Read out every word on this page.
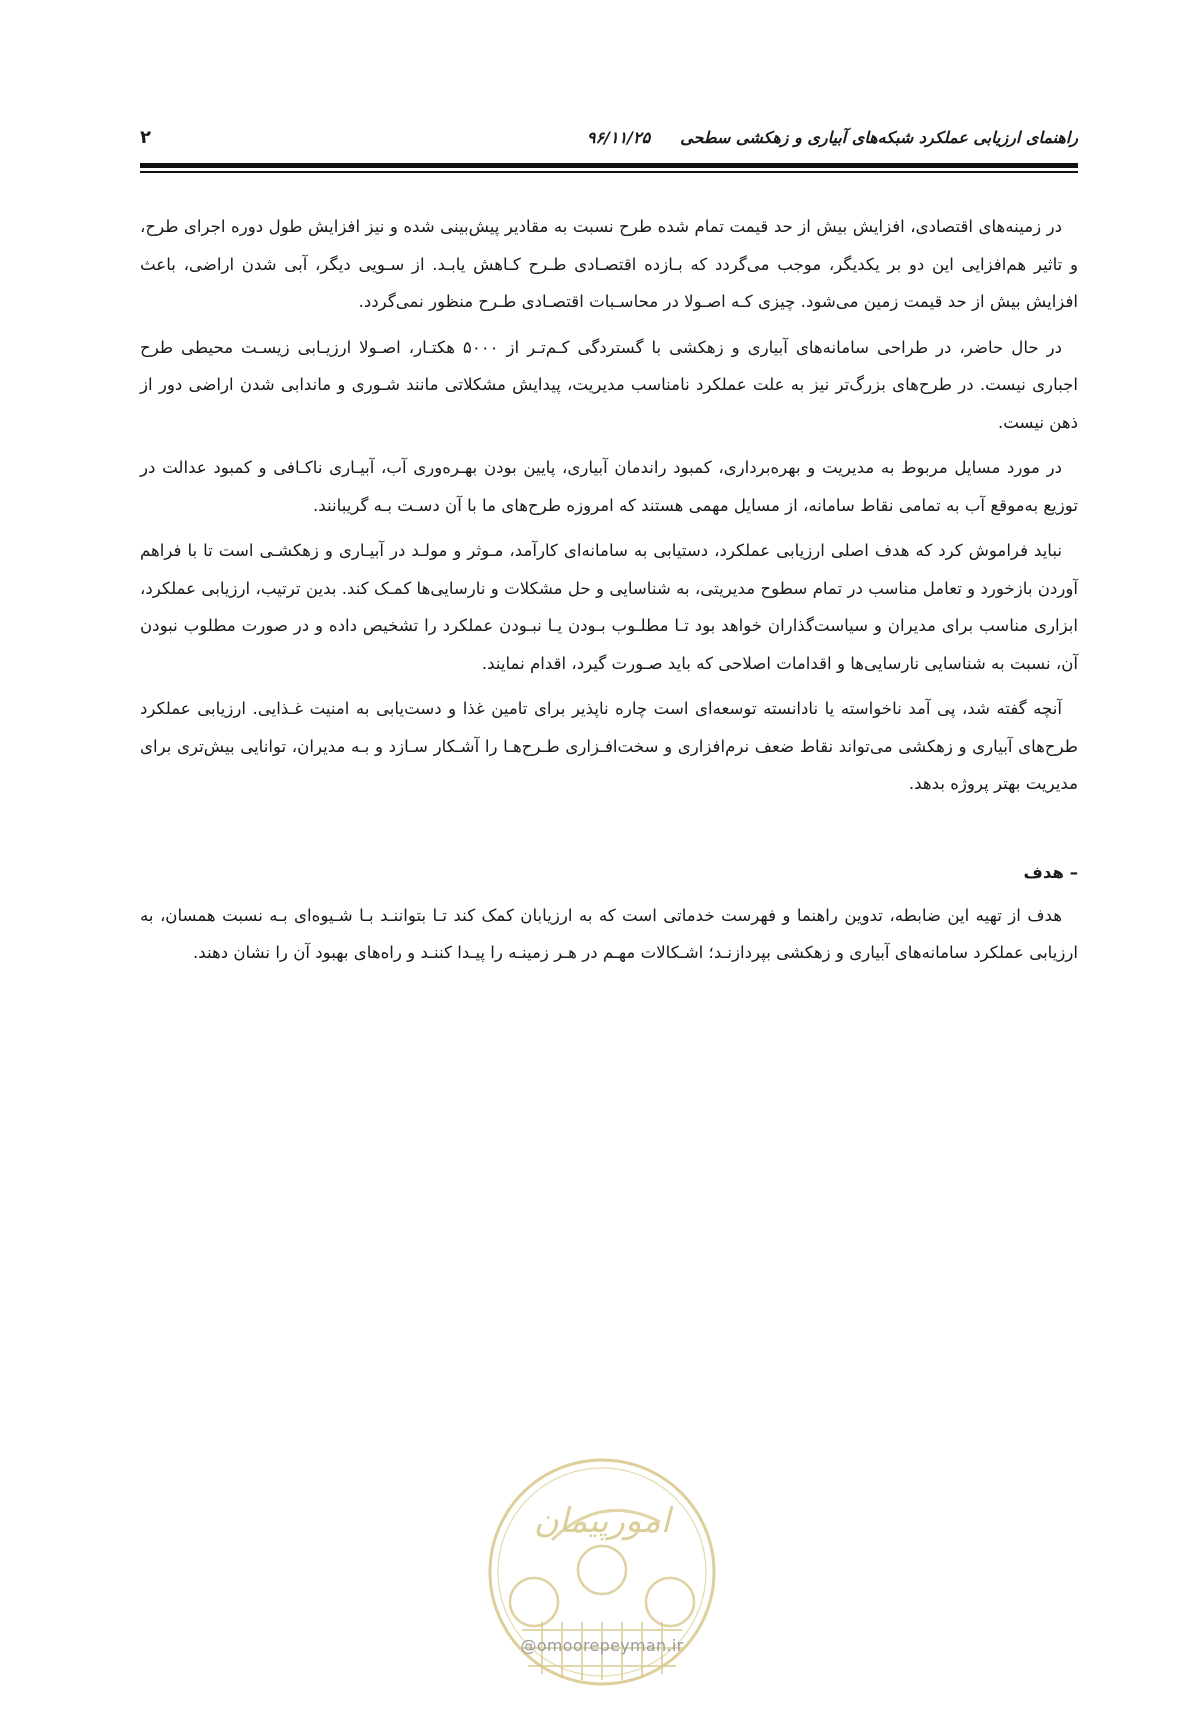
۲	راهنمای ارزیابی عملکرد شبکه‌های آبیاری و زهکشی سطحی
۹۶/۱۱/۲۵

در زمینه‌های اقتصادی، افزایش بیش از حد قیمت تمام شده طرح نسبت به مقادیر پیش‌بینی شده و نیز افزایش طول دوره اجرای طرح، و تاثیر هم‌افزایی این دو بر یکدیگر، موجب می‌گردد که بـازده اقتصـادی طـرح کـاهش یابـد. از سـویی دیگر، آبی شدن اراضی، باعث افزایش بیش از حد قیمت زمین می‌شود. چیزی کـه اصـولا در محاسـبات اقتصـادی طـرح منظور نمی‌گردد.

در حال حاضر، در طراحی سامانه‌های آبیاری و زهکشی با گستردگی کـم‌تـر از ۵۰۰۰ هکتـار، اصـولا ارزیـابی زیسـت محیطی طرح اجباری نیست. در طرح‌های بزرگ‌تر نیز به علت عملکرد نامناسب مدیریت، پیدایش مشکلاتی مانند شـوری و ماندابی شدن اراضی دور از ذهن نیست.

در مورد مسایل مربوط به مدیریت و بهره‌برداری، کمبود راندمان آبیاری، پایین بودن بهـره‌وری آب، آبیـاری ناکـافی و کمبود عدالت در توزیع به‌موقع آب به تمامی نقاط سامانه، از مسایل مهمی هستند که امروزه طرح‌های ما با آن دسـت بـه گریبانند.

نباید فراموش کرد که هدف اصلی ارزیابی عملکرد، دستیابی به سامانه‌ای کارآمد، مـوثر و مولـد در آبیـاری و زهکشـی است تا با فراهم آوردن بازخورد و تعامل مناسب در تمام سطوح مدیریتی، به شناسایی و حل مشکلات و نارسایی‌ها کمـک کند. بدین ترتیب، ارزیابی عملکرد، ابزاری مناسب برای مدیران و سیاست‌گذاران خواهد بود تـا مطلـوب بـودن یـا نبـودن عملکرد را تشخیص داده و در صورت مطلوب نبودن آن، نسبت به شناسایی نارسایی‌ها و اقدامات اصلاحی که باید صـورت گیرد، اقدام نمایند.

آنچه گفته شد، پی آمد ناخواسته یا نادانسته توسعه‌ای است چاره ناپذیر برای تامین غذا و دست‌یابی به امنیت غـذایی. ارزیابی عملکرد طرح‌های آبیاری و زهکشی می‌تواند نقاط ضعف نرم‌افزاری و سخت‌افـزاری طـرح‌هـا را آشـکار سـازد و بـه مدیران، توانایی بیش‌تری برای مدیریت بهتر پروژه بدهد.

– هدف

هدف از تهیه این ضابطه، تدوین راهنما و فهرست خدماتی است که به ارزیابان کمک کند تـا بتواننـد بـا شـیوه‌ای بـه نسبت همسان، به ارزیابی عملکرد سامانه‌های آبیاری و زهکشی بپردازنـد؛ اشـکالات مهـم در هـر زمینـه را پیـدا کننـد و راه‌های بهبود آن را نشان دهند.

امورپیمان
@omoorepeyman.ir
